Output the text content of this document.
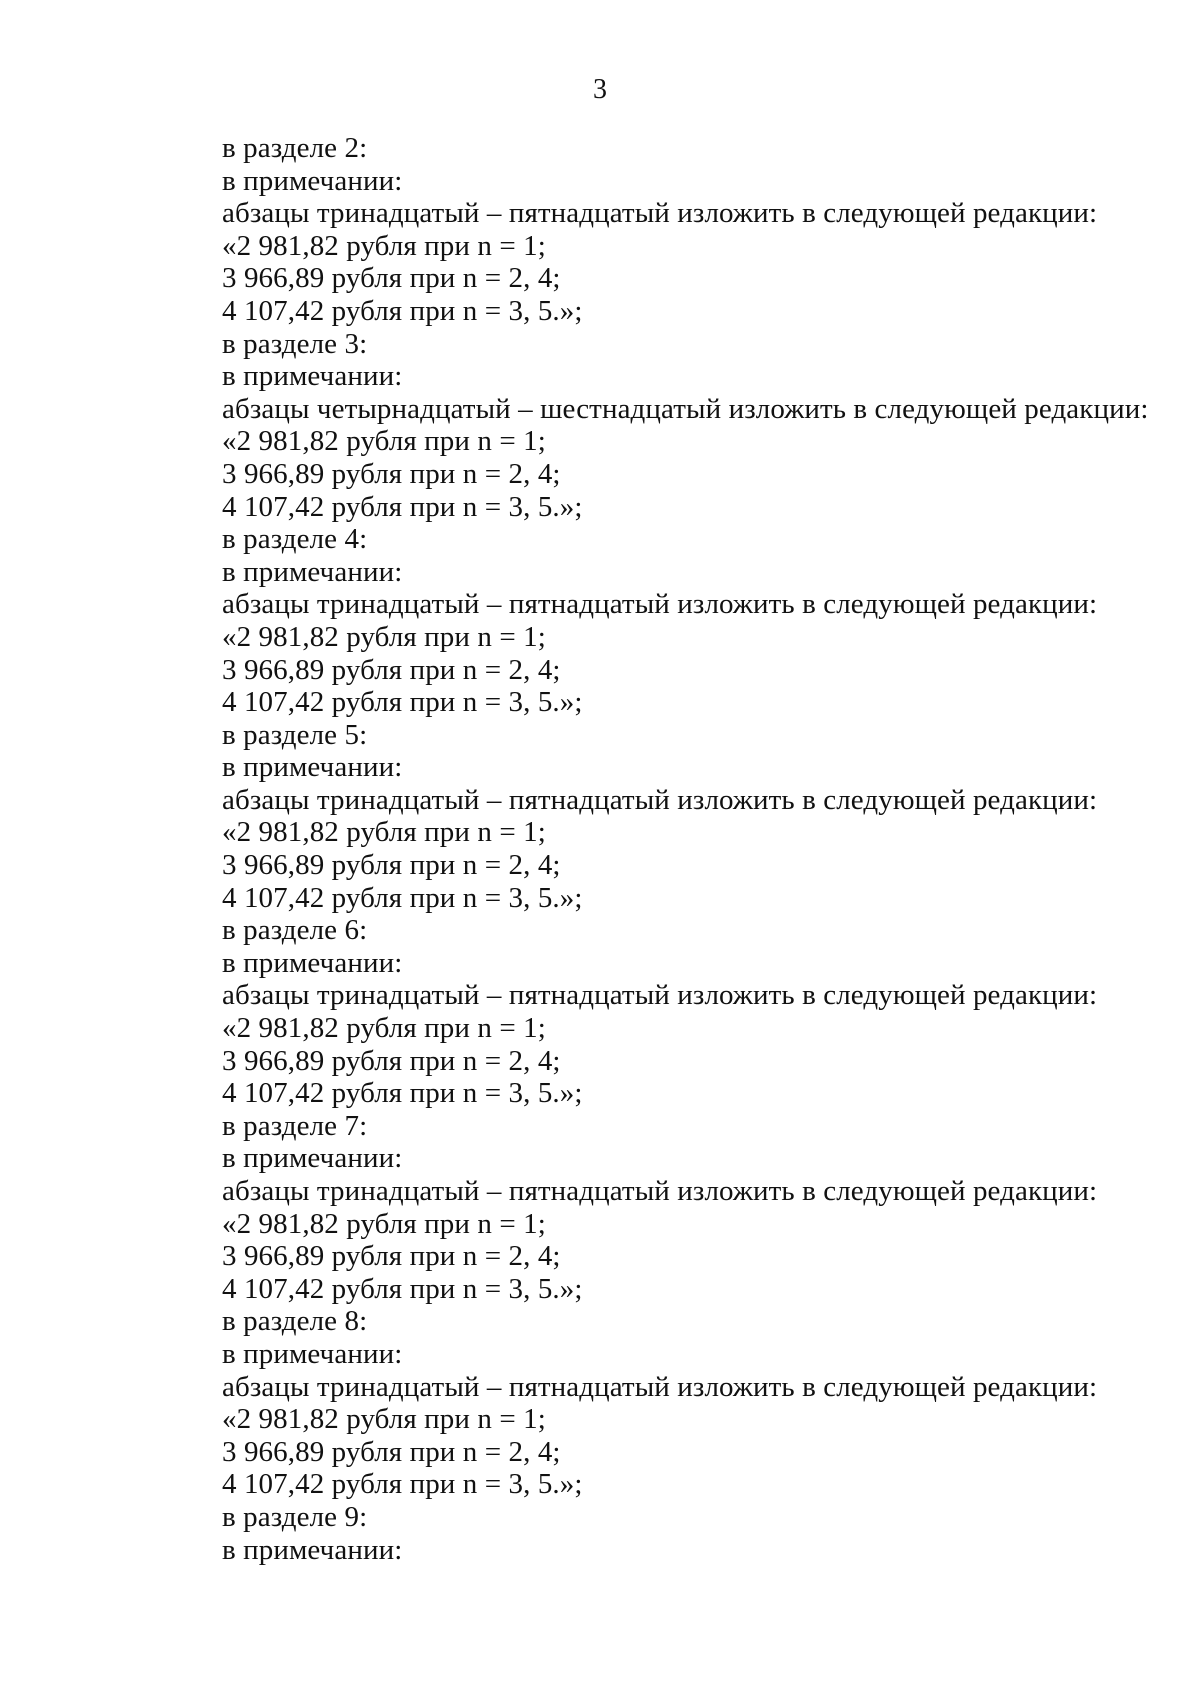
3
в разделе 2:
в примечании:
абзацы тринадцатый – пятнадцатый изложить в следующей редакции:
«2 981,82 рубля при n = 1;
3 966,89 рубля при n = 2, 4;
4 107,42 рубля при n = 3, 5.»;
в разделе 3:
в примечании:
абзацы четырнадцатый – шестнадцатый изложить в следующей редакции:
«2 981,82 рубля при n = 1;
3 966,89 рубля при n = 2, 4;
4 107,42 рубля при n = 3, 5.»;
в разделе 4:
в примечании:
абзацы тринадцатый – пятнадцатый изложить в следующей редакции:
«2 981,82 рубля при n = 1;
3 966,89 рубля при n = 2, 4;
4 107,42 рубля при n = 3, 5.»;
в разделе 5:
в примечании:
абзацы тринадцатый – пятнадцатый изложить в следующей редакции:
«2 981,82 рубля при n = 1;
3 966,89 рубля при n = 2, 4;
4 107,42 рубля при n = 3, 5.»;
в разделе 6:
в примечании:
абзацы тринадцатый – пятнадцатый изложить в следующей редакции:
«2 981,82 рубля при n = 1;
3 966,89 рубля при n = 2, 4;
4 107,42 рубля при n = 3, 5.»;
в разделе 7:
в примечании:
абзацы тринадцатый – пятнадцатый изложить в следующей редакции:
«2 981,82 рубля при n = 1;
3 966,89 рубля при n = 2, 4;
4 107,42 рубля при n = 3, 5.»;
в разделе 8:
в примечании:
абзацы тринадцатый – пятнадцатый изложить в следующей редакции:
«2 981,82 рубля при n = 1;
3 966,89 рубля при n = 2, 4;
4 107,42 рубля при n = 3, 5.»;
в разделе 9:
в примечании:
